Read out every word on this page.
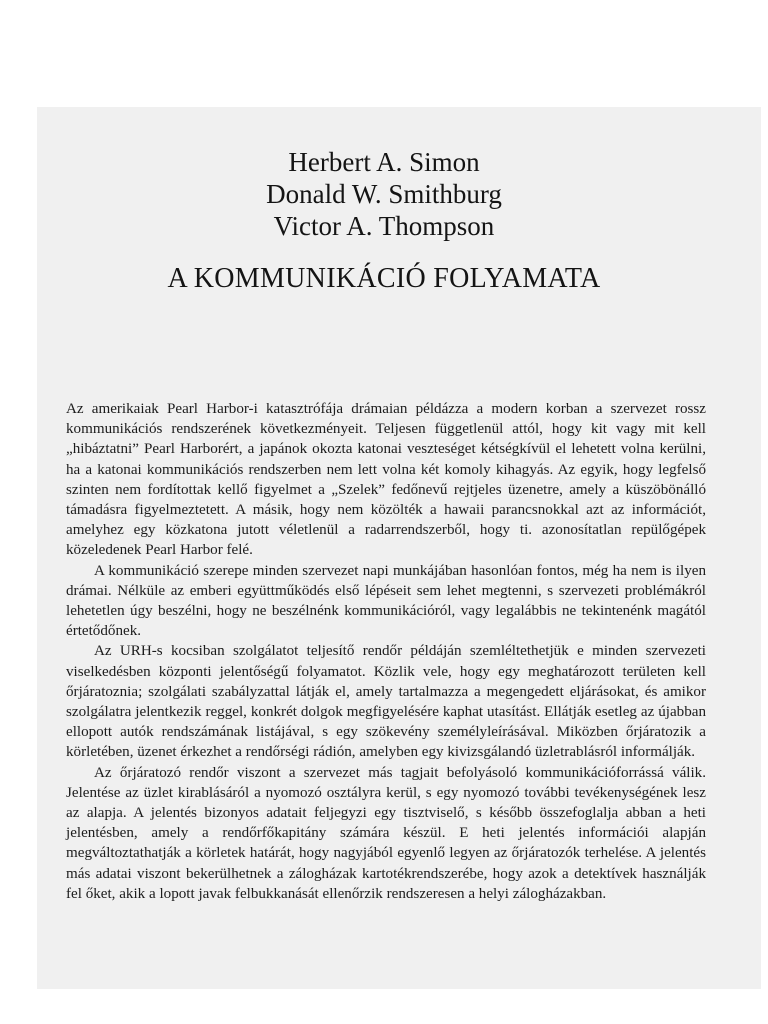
Herbert A. Simon
Donald W. Smithburg
Victor A. Thompson
A KOMMUNIKÁCIÓ FOLYAMATA

Az amerikaiak Pearl Harbor-i katasztrófája drámaian példázza a modern korban a szervezet rossz kommunikációs rendszerének következményeit. Teljesen függetlenül attól, hogy kit vagy mit kell „hibáztatni” Pearl Harborért, a japánok okozta katonai veszteséget kétségkívül el lehetett volna kerülni, ha a katonai kommunikációs rendszerben nem lett volna két komoly kihagyás. Az egyik, hogy legfelső szinten nem fordítottak kellő figyelmet a „Szelek” fedőnevű rejtjeles üzenetre, amely a küszöbönálló támadásra figyelmeztetett. A másik, hogy nem közölték a hawaii parancsnokkal azt az információt, amelyhez egy közkatona jutott véletlenül a radarrendszerből, hogy ti. azonosítatlan repülőgépek közeledenek Pearl Harbor felé.

A kommunikáció szerepe minden szervezet napi munkájában hasonlóan fontos, még ha nem is ilyen drámai. Nélküle az emberi együttműködés első lépéseit sem lehet megtenni, s szervezeti problémákról lehetetlen úgy beszélni, hogy ne beszélnénk kommunikációról, vagy legalábbis ne tekintenénk magától értetődőnek.

Az URH-s kocsiban szolgálatot teljesítő rendőr példáján szemléltethetjük e minden szervezeti viselkedésben központi jelentőségű folyamatot. Közlik vele, hogy egy meghatározott területen kell őrjáratoznia; szolgálati szabályzattal látják el, amely tartalmazza a megengedett eljárásokat, és amikor szolgálatra jelentkezik reggel, konkrét dolgok megfigyelésére kaphat utasítást. Ellátják esetleg az újabban ellopott autók rendszámának listájával, s egy szökevény személyleírásával. Miközben őrjáratozik a körletében, üzenet érkezhet a rendőrségi rádión, amelyben egy kivizsgálandó üzletrablásról informálják.

Az őrjáratozó rendőr viszont a szervezet más tagjait befolyásoló kommunikációforrássá válik. Jelentése az üzlet kirablásáról a nyomozó osztályra kerül, s egy nyomozó további tevékenységének lesz az alapja. A jelentés bizonyos adatait feljegyzi egy tisztviselő, s később összefoglalja abban a heti jelentésben, amely a rendőrfőkapitány számára készül. E heti jelentés információi alapján megváltoztathatják a körletek határát, hogy nagyjából egyenlő legyen az őrjáratozók terhelése. A jelentés más adatai viszont bekerülhetnek a zálogházak kartotékrendszerébe, hogy azok a detektívek használják fel őket, akik a lopott javak felbukkanását ellenőrzik rendszeresen a helyi zálogházakban.
